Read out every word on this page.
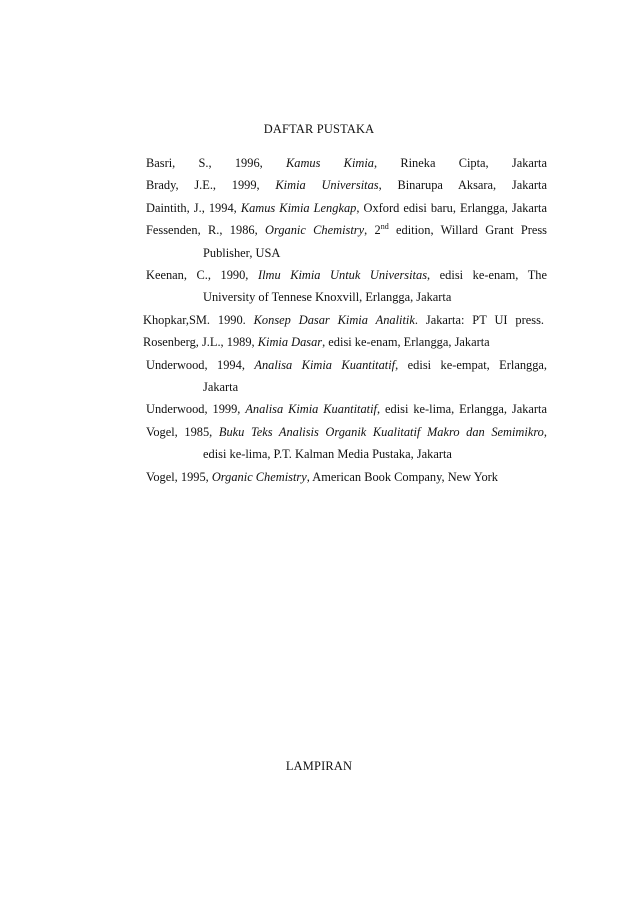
DAFTAR PUSTAKA
Basri, S., 1996, Kamus Kimia, Rineka Cipta, Jakarta
Brady, J.E., 1999, Kimia Universitas, Binarupa Aksara, Jakarta
Daintith, J., 1994, Kamus Kimia Lengkap, Oxford edisi baru, Erlangga, Jakarta
Fessenden, R., 1986, Organic Chemistry, 2nd edition, Willard Grant Press
Publisher, USA
Keenan, C., 1990, Ilmu Kimia Untuk Universitas, edisi ke-enam, The
University of Tennese Knoxvill, Erlangga, Jakarta
Khopkar,SM. 1990. Konsep Dasar Kimia Analitik. Jakarta: PT UI press.
Rosenberg, J.L., 1989, Kimia Dasar, edisi ke-enam, Erlangga, Jakarta
Underwood, 1994, Analisa Kimia Kuantitatif, edisi ke-empat, Erlangga,
Jakarta
Underwood, 1999, Analisa Kimia Kuantitatif, edisi ke-lima, Erlangga, Jakarta
Vogel, 1985, Buku Teks Analisis Organik Kualitatif Makro dan Semimikro,
edisi ke-lima, P.T. Kalman Media Pustaka, Jakarta
Vogel, 1995, Organic Chemistry, American Book Company, New York
LAMPIRAN
